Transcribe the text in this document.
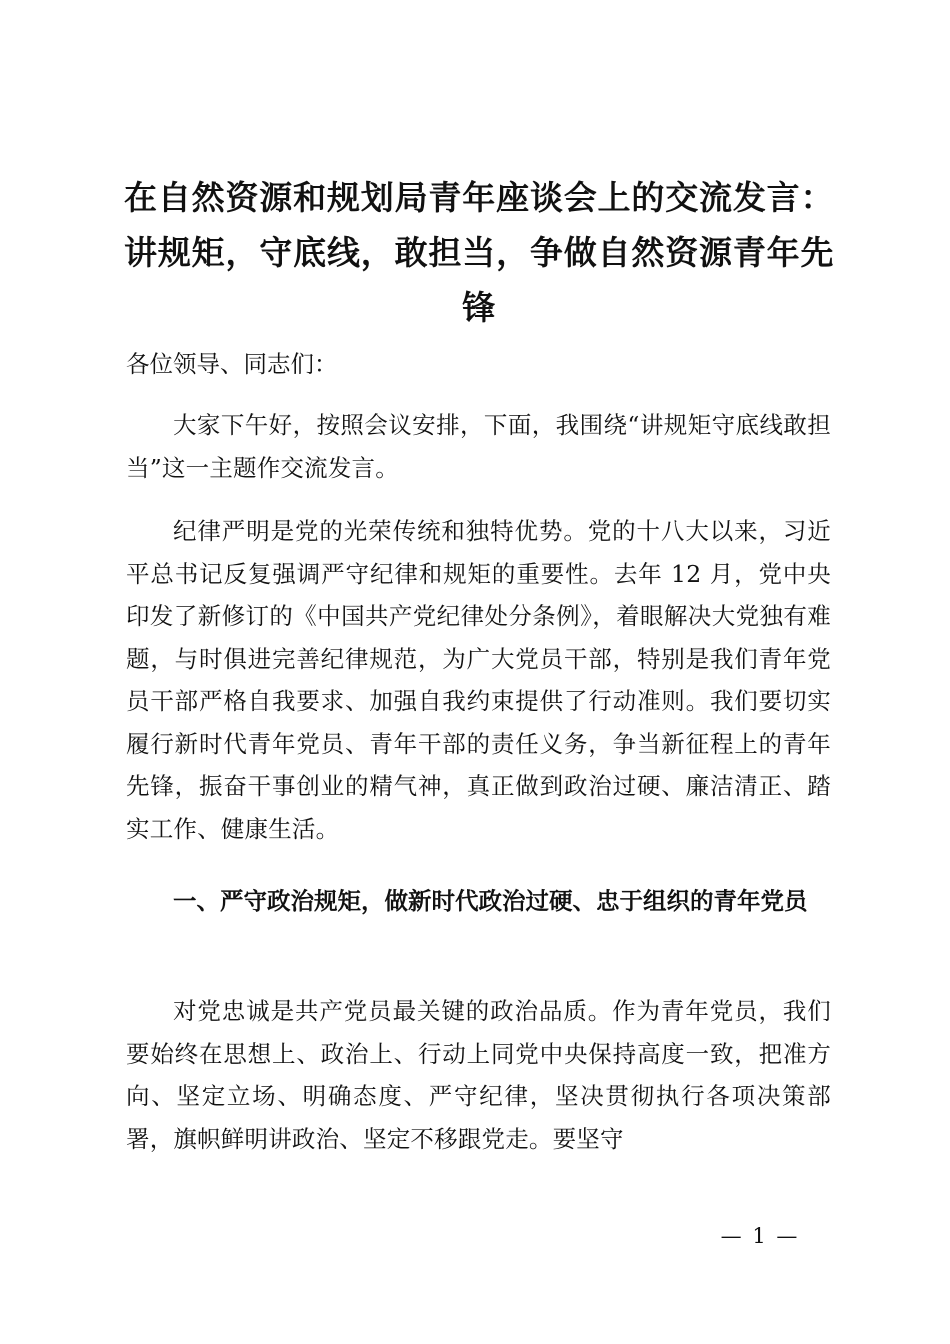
在自然资源和规划局青年座谈会上的交流发言：讲规矩，守底线，敢担当，争做自然资源青年先锋

各位领导、同志们：

大家下午好，按照会议安排，下面，我围绕“讲规矩守底线敢担当”这一主题作交流发言。

纪律严明是党的光荣传统和独特优势。党的十八大以来，习近平总书记反复强调严守纪律和规矩的重要性。去年 12 月，党中央印发了新修订的《中国共产党纪律处分条例》，着眼解决大党独有难题，与时俱进完善纪律规范，为广大党员干部，特别是我们青年党员干部严格自我要求、加强自我约束提供了行动准则。我们要切实履行新时代青年党员、青年干部的责任义务，争当新征程上的青年先锋，振奋干事创业的精气神，真正做到政治过硬、廉洁清正、踏实工作、健康生活。

一、严守政治规矩，做新时代政治过硬、忠于组织的青年党员

对党忠诚是共产党员最关键的政治品质。作为青年党员，我们要始终在思想上、政治上、行动上同党中央保持高度一致，把准方向、坚定立场、明确态度、严守纪律，坚决贯彻执行各项决策部署，旗帜鲜明讲政治、坚定不移跟党走。要坚守

— 1 —
